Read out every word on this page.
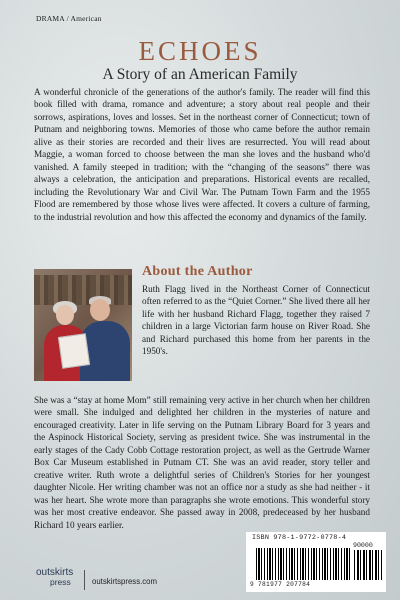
DRAMA / American
ECHOES
A Story of an American Family
A wonderful chronicle of the generations of the author's family. The reader will find this book filled with drama, romance and adventure; a story about real people and their sorrows, aspirations, loves and losses. Set in the northeast corner of Connecticut; town of Putnam and neighboring towns. Memories of those who came before the author remain alive as their stories are recorded and their lives are resurrected. You will read about Maggie, a woman forced to choose between the man she loves and the husband who'd vanished. A family steeped in tradition; with the “changing of the seasons” there was always a celebration, the anticipation and preparations. Historical events are recalled, including the Revolutionary War and Civil War. The Putnam Town Farm and the 1955 Flood are remembered by those whose lives were affected. It covers a culture of farming, to the industrial revolution and how this affected the economy and dynamics of the family.
About the Author
Ruth Flagg lived in the Northeast Corner of Connecticut often referred to as the “Quiet Corner.” She lived there all her life with her husband Richard Flagg, together they raised 7 children in a large Victorian farm house on River Road. She and Richard purchased this home from her parents in the 1950's.
She was a “stay at home Mom” still remaining very active in her church when her children were small. She indulged and delighted her children in the mysteries of nature and encouraged creativity. Later in life serving on the Putnam Library Board for 3 years and the Aspinock Historical Society, serving as president twice. She was instrumental in the early stages of the Cady Cobb Cottage restoration project, as well as the Gertrude Warner Box Car Museum established in Putnam CT. She was an avid reader, story teller and creative writer. Ruth wrote a delightful series of Children's Stories for her youngest daughter Nicole. Her writing chamber was not an office nor a study as she had neither - it was her heart. She wrote more than paragraphs she wrote emotions. This wonderful story was her most creative endeavor. She passed away in 2008, predeceased by her husband Richard 10 years earlier.
outskirts
press	outskirtspress.com
ISBN 978-1-9772-0778-4
90000
9 781977 207784
